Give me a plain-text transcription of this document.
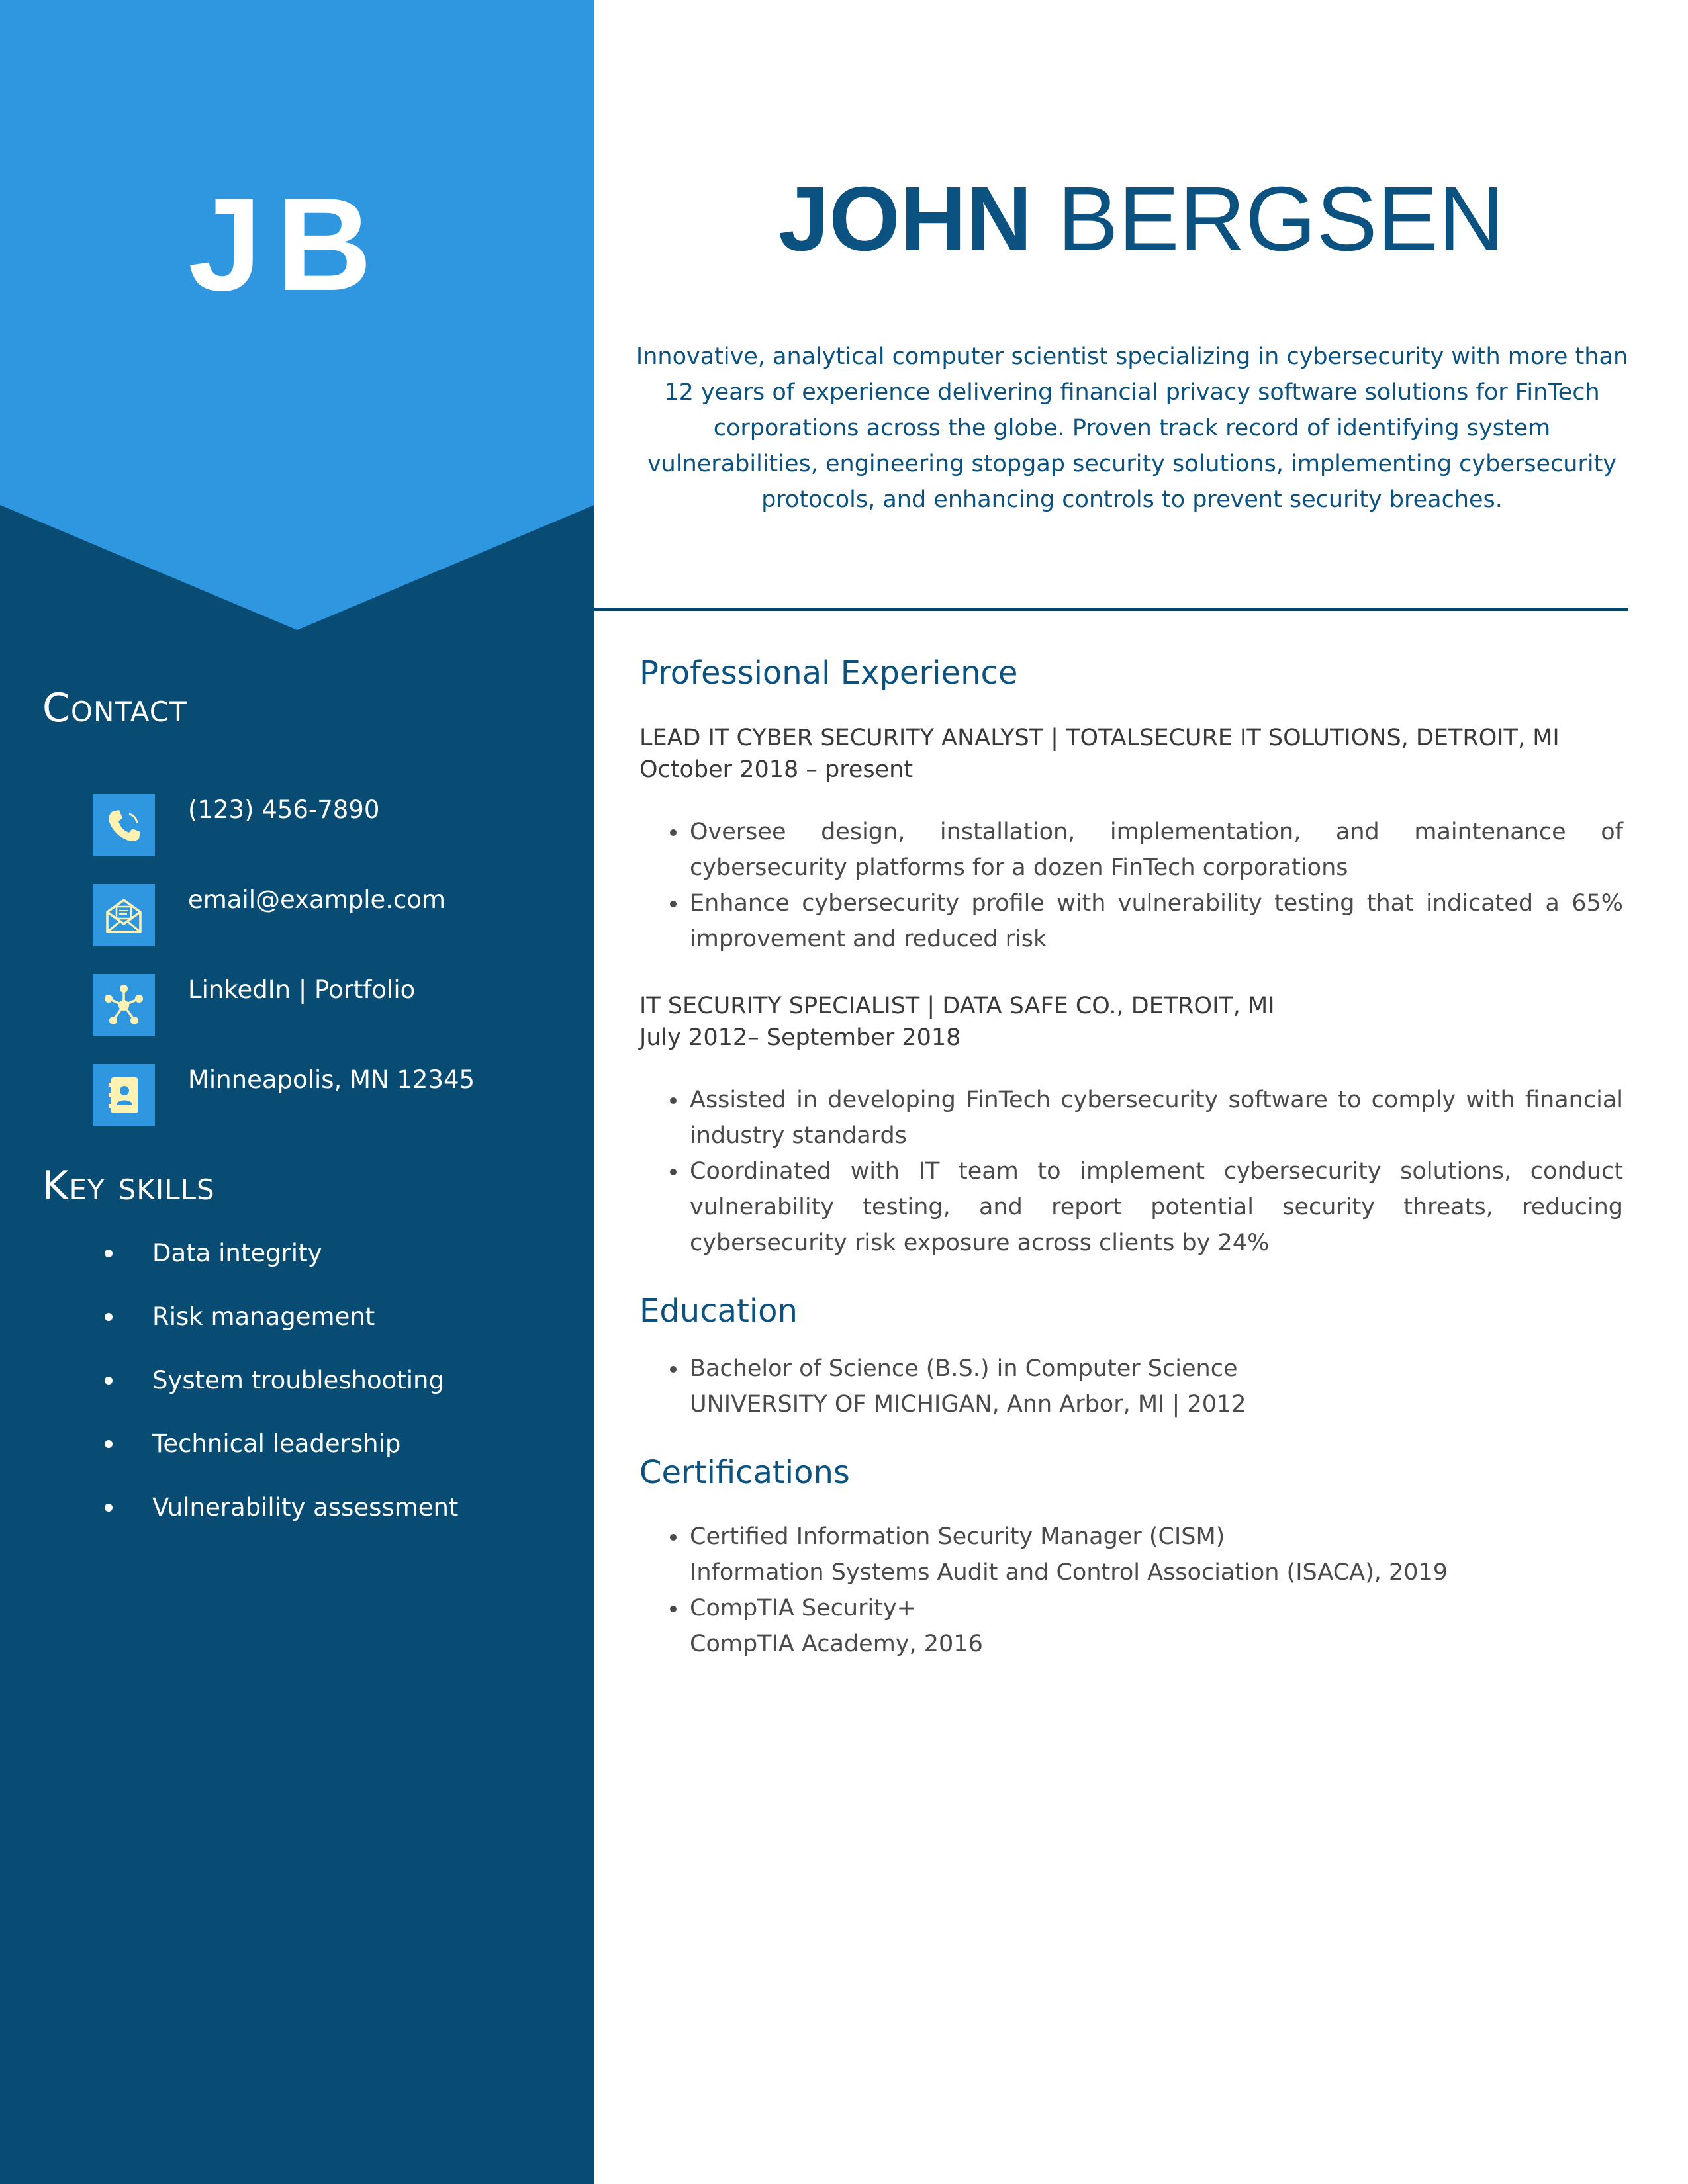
JB
Contact
(123) 456-7890
email@example.com
LinkedIn | Portfolio
Minneapolis, MN 12345
Key skills
Data integrity
Risk management
System troubleshooting
Technical leadership
Vulnerability assessment
JOHN BERGSEN
Innovative, analytical computer scientist specializing in cybersecurity with more than 12 years of experience delivering financial privacy software solutions for FinTech corporations across the globe. Proven track record of identifying system vulnerabilities, engineering stopgap security solutions, implementing cybersecurity protocols, and enhancing controls to prevent security breaches.
Professional Experience
LEAD IT CYBER SECURITY ANALYST | TOTALSECURE IT SOLUTIONS, DETROIT, MI
October 2018 – present
Oversee design, installation, implementation, and maintenance of cybersecurity platforms for a dozen FinTech corporations
Enhance cybersecurity profile with vulnerability testing that indicated a 65% improvement and reduced risk
IT SECURITY SPECIALIST | DATA SAFE CO., DETROIT, MI
July 2012– September 2018
Assisted in developing FinTech cybersecurity software to comply with financial industry standards
Coordinated with IT team to implement cybersecurity solutions, conduct vulnerability testing, and report potential security threats, reducing cybersecurity risk exposure across clients by 24%
Education
Bachelor of Science (B.S.) in Computer Science
UNIVERSITY OF MICHIGAN, Ann Arbor, MI | 2012
Certifications
Certified Information Security Manager (CISM)
Information Systems Audit and Control Association (ISACA), 2019
CompTIA Security+
CompTIA Academy, 2016
